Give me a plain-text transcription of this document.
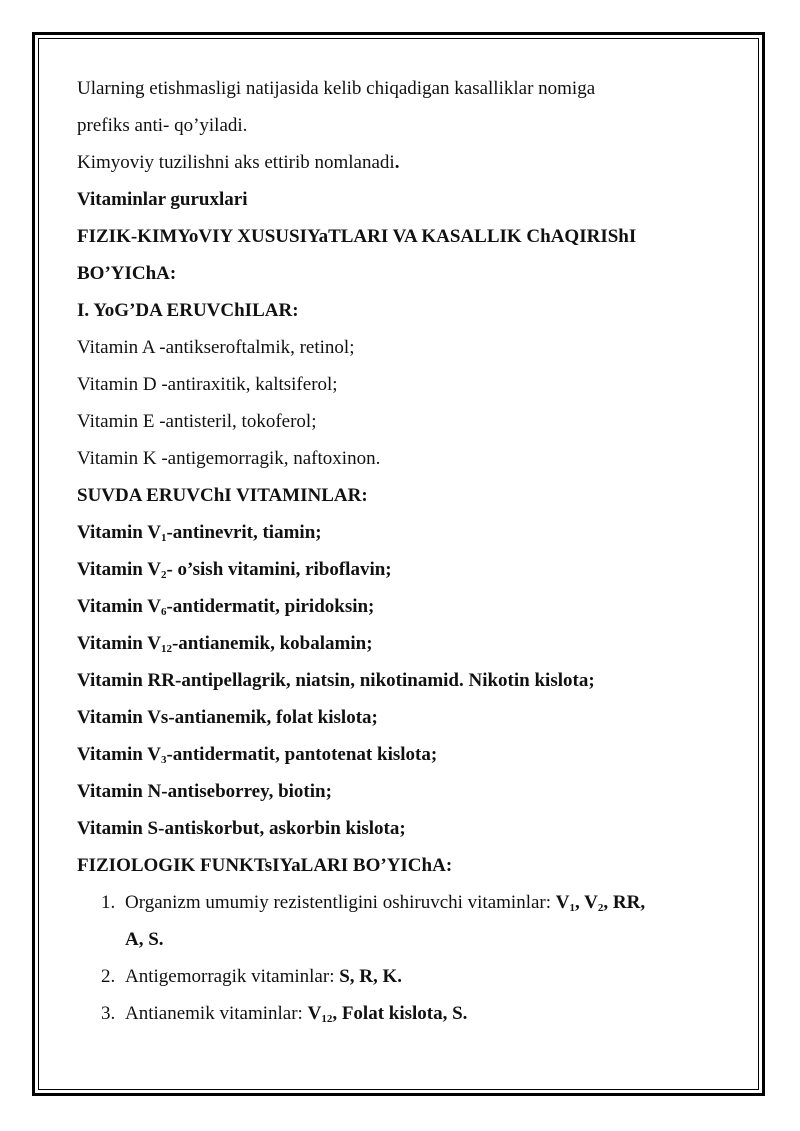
Ularning etishmasligi natijasida kelib chiqadigan kasalliklar nomiga
prefiks anti- qo’yiladi.
Kimyoviy tuzilishni aks ettirib nomlanadi.
Vitaminlar guruxlari
FIZIK-KIMYoVIY XUSUSIYaTLARI VA KASALLIK ChAQIRIShI
BO’YIChA:
I. YoG’DA ERUVChILAR:
Vitamin A -antikseroftalmik, retinol;
Vitamin D -antiraxitik, kaltsiferol;
Vitamin E -antisteril, tokoferol;
Vitamin K -antigemorragik, naftoxinon.
SUVDA ERUVChI VITAMINLAR:
Vitamin $V_1$-antinevrit, tiamin;
Vitamin $V_2-$ o’sish vitamini, riboflavin;
Vitamin $V_6$-antidermatit, piridoksin;
Vitamin $V_{12}$-antianemik, kobalamin;
Vitamin RR-antipellagrik, niatsin, nikotinamid. Nikotin kislota;
Vitamin Vs-antianemik, folat kislota;
Vitamin $V_3$-antidermatit, pantotenat kislota;
Vitamin N-antiseborrey, biotin;
Vitamin S-antiskorbut, askorbin kislota;
FIZIOLOGIK FUNKTsIYaLARI BO’YIChA:
1. Organizm umumiy rezistentligini oshiruvchi vitaminlar: $V_1$, $V_2$, RR,
A, S.
2. Antigemorragik vitaminlar: S, R, K.
3. Antianemik vitaminlar: $V_{12}$, Folat kislota, S.
